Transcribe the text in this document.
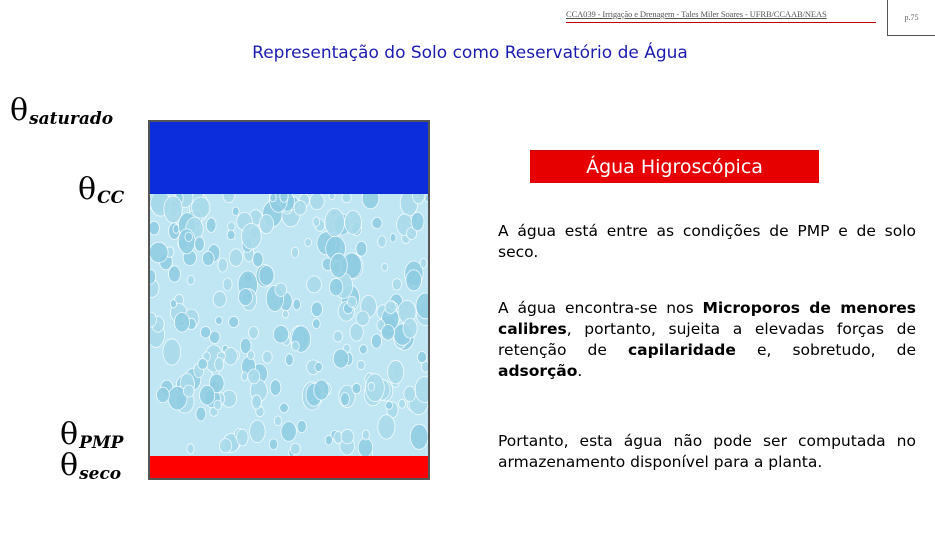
CCA039 - Irrigação e Drenagem - Tales Miler Soares - UFRB/CCAAB/NEAS	p.75
Representação do Solo como Reservatório de Água
θsaturado
θCC
θPMP
θseco
Água Higroscópica
A água está entre as condições de PMP e de solo seco.
A água encontra-se nos Microporos de menores calibres, portanto, sujeita a elevadas forças de retenção de capilaridade e, sobretudo, de adsorção.
Portanto, esta água não pode ser computada no armazenamento disponível para a planta.
